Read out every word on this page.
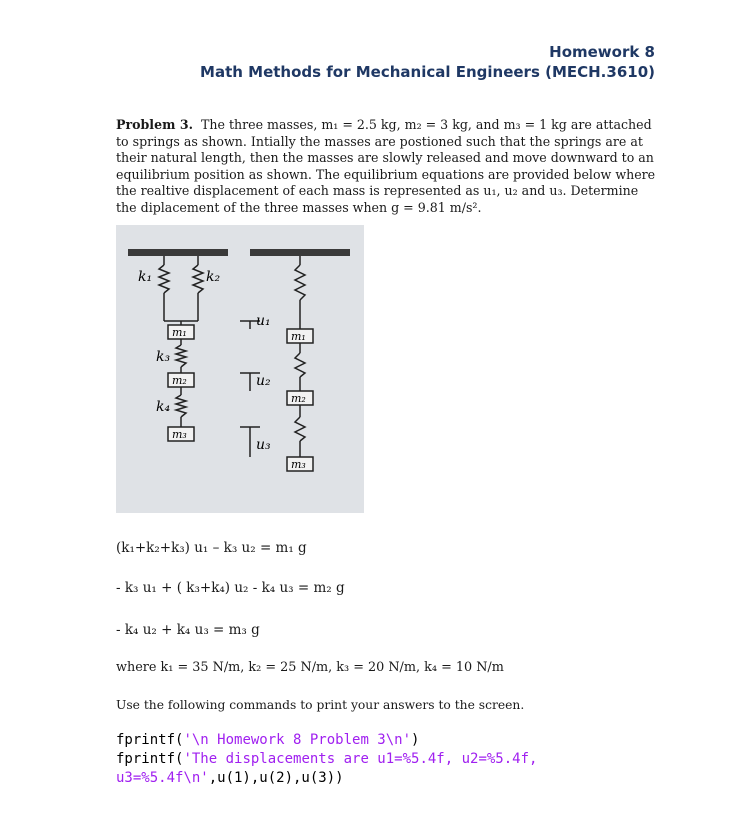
Homework 8
Math Methods for Mechanical Engineers (MECH.3610)
Problem 3. The three masses, m₁ = 2.5 kg, m₂ = 3 kg, and m₃ = 1 kg are attached to springs as shown. Intially the masses are postioned such that the springs are at their natural length, then the masses are slowly released and move downward to an equilibrium position as shown. The equilibrium equations are provided below where the realtive displacement of each mass is represented as u₁, u₂ and u₃. Determine the diplacement of the three masses when g = 9.81 m/s².
k₁	k₂
k₃
k₄
m₁
m₂
m₃
m₁
m₂
m₃
u₁
u₂
u₃
(k₁+k₂+k₃) u₁ – k₃ u₂ = m₁ g
- k₃ u₁ + ( k₃+k₄) u₂ - k₄ u₃ = m₂ g
- k₄ u₂ + k₄ u₃ = m₃ g
where k₁ = 35 N/m, k₂ = 25 N/m, k₃ = 20 N/m, k₄ = 10 N/m
Use the following commands to print your answers to the screen.
fprintf('\n Homework 8 Problem 3\n')
fprintf('The displacements are u1=%5.4f, u2=%5.4f, u3=%5.4f\n',u(1),u(2),u(3))
